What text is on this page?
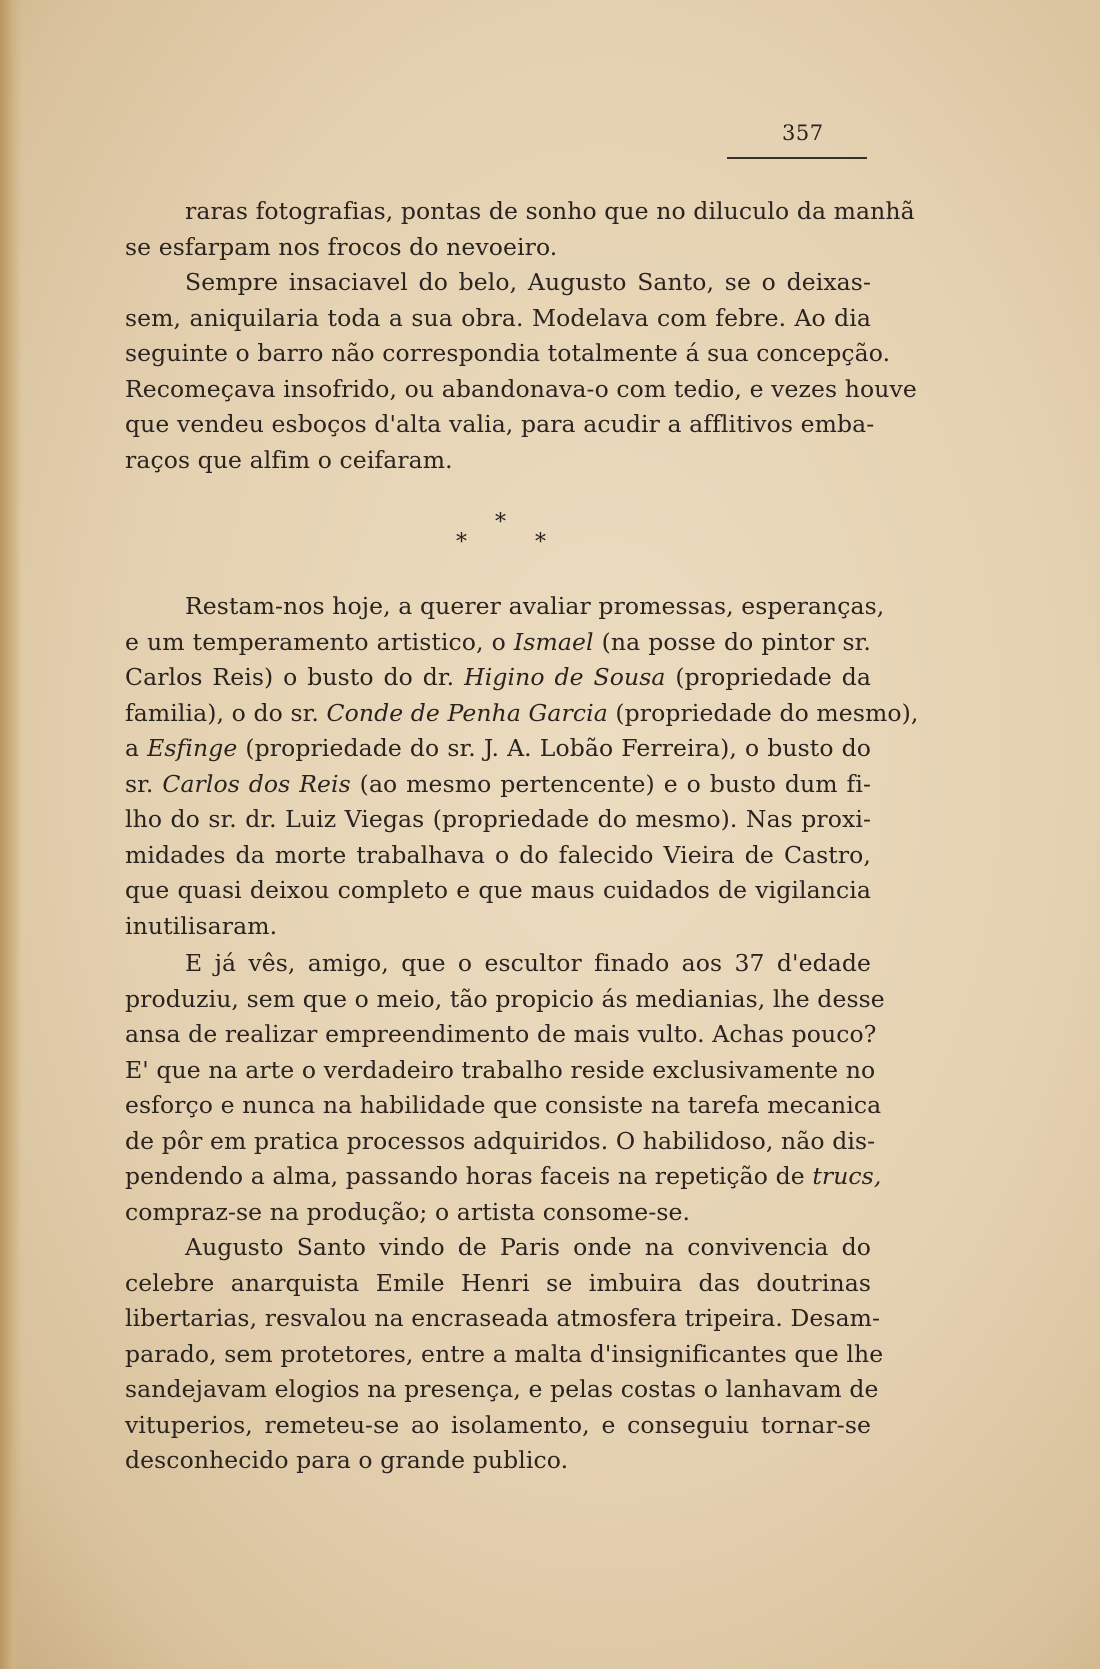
357
raras fotografias, pontas de sonho que no diluculo da manhã
se esfarpam nos frocos do nevoeiro.
Sempre insaciavel do belo, Augusto Santo, se o deixas-
sem, aniquilaria toda a sua obra. Modelava com febre. Ao dia
seguinte o barro não correspondia totalmente á sua concepção.
Recomeçava insofrido, ou abandonava-o com tedio, e vezes houve
que vendeu esboços d'alta valia, para acudir a afflitivos emba-
raços que alfim o ceifaram.
*
*	*
Restam-nos hoje, a querer avaliar promessas, esperanças,
e um temperamento artistico, o Ismael (na posse do pintor sr.
Carlos Reis) o busto do dr. Higino de Sousa (propriedade da
familia), o do sr. Conde de Penha Garcia (propriedade do mesmo),
a Esfinge (propriedade do sr. J. A. Lobão Ferreira), o busto do
sr. Carlos dos Reis (ao mesmo pertencente) e o busto dum fi-
lho do sr. dr. Luiz Viegas (propriedade do mesmo). Nas proxi-
midades da morte trabalhava o do falecido Vieira de Castro,
que quasi deixou completo e que maus cuidados de vigilancia
inutilisaram.
E já vês, amigo, que o escultor finado aos 37 d'edade
produziu, sem que o meio, tão propicio ás medianias, lhe desse
ansa de realizar empreendimento de mais vulto. Achas pouco?
E' que na arte o verdadeiro trabalho reside exclusivamente no
esforço e nunca na habilidade que consiste na tarefa mecanica
de pôr em pratica processos adquiridos. O habilidoso, não dis-
pendendo a alma, passando horas faceis na repetição de trucs,
compraz-se na produção; o artista consome-se.
Augusto Santo vindo de Paris onde na convivencia do
celebre anarquista Emile Henri se imbuira das doutrinas
libertarias, resvalou na encraseada atmosfera tripeira. Desam-
parado, sem protetores, entre a malta d'insignificantes que lhe
sandejavam elogios na presença, e pelas costas o lanhavam de
vituperios, remeteu-se ao isolamento, e conseguiu tornar-se
desconhecido para o grande publico.
